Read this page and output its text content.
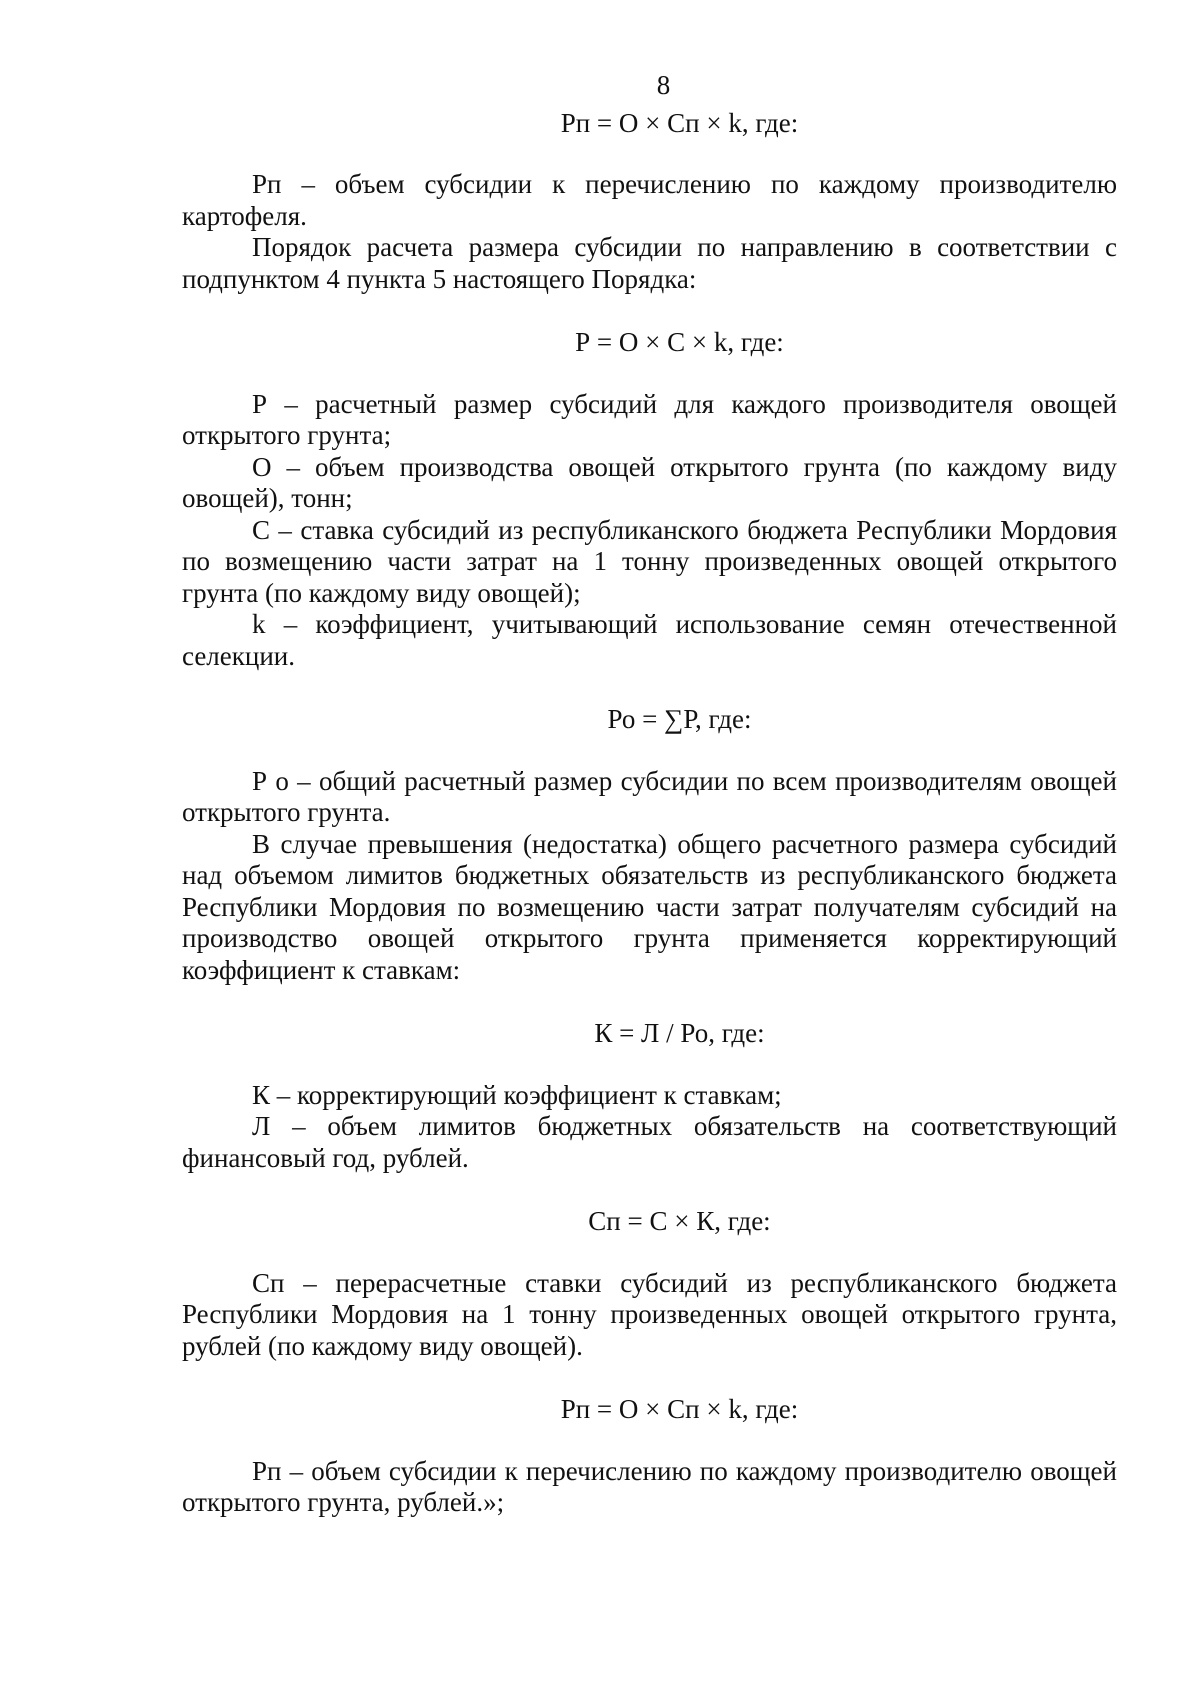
8
Pп = О × Сп × k, где:

Рп – объем субсидии к перечислению по каждому производителю картофеля.

Порядок расчета размера субсидии по направлению в соответствии с подпунктом 4 пункта 5 настоящего Порядка:

Р = О × С × k, где:

Р – расчетный размер субсидий для каждого производителя овощей открытого грунта;

О – объем производства овощей открытого грунта (по каждому виду овощей), тонн;

С – ставка субсидий из республиканского бюджета Республики Мордовия по возмещению части затрат на 1 тонну произведенных овощей открытого грунта (по каждому виду овощей);

k – коэффициент, учитывающий использование семян отечественной селекции.

Ро = ∑Р, где:

Р о – общий расчетный размер субсидии по всем производителям овощей открытого грунта.

В случае превышения (недостатка) общего расчетного размера субсидий над объемом лимитов бюджетных обязательств из республиканского бюджета Республики Мордовия по возмещению части затрат получателям субсидий на производство овощей открытого грунта применяется корректирующий коэффициент к ставкам:

К = Л / Ро, где:

К – корректирующий коэффициент к ставкам;

Л – объем лимитов бюджетных обязательств на соответствующий финансовый год, рублей.

Сп = С × К, где:

Сп – перерасчетные ставки субсидий из республиканского бюджета Республики Мордовия на 1 тонну произведенных овощей открытого грунта, рублей (по каждому виду овощей).

Рп = О × Сп × k, где:

Рп – объем субсидии к перечислению по каждому производителю овощей открытого грунта, рублей.»;
